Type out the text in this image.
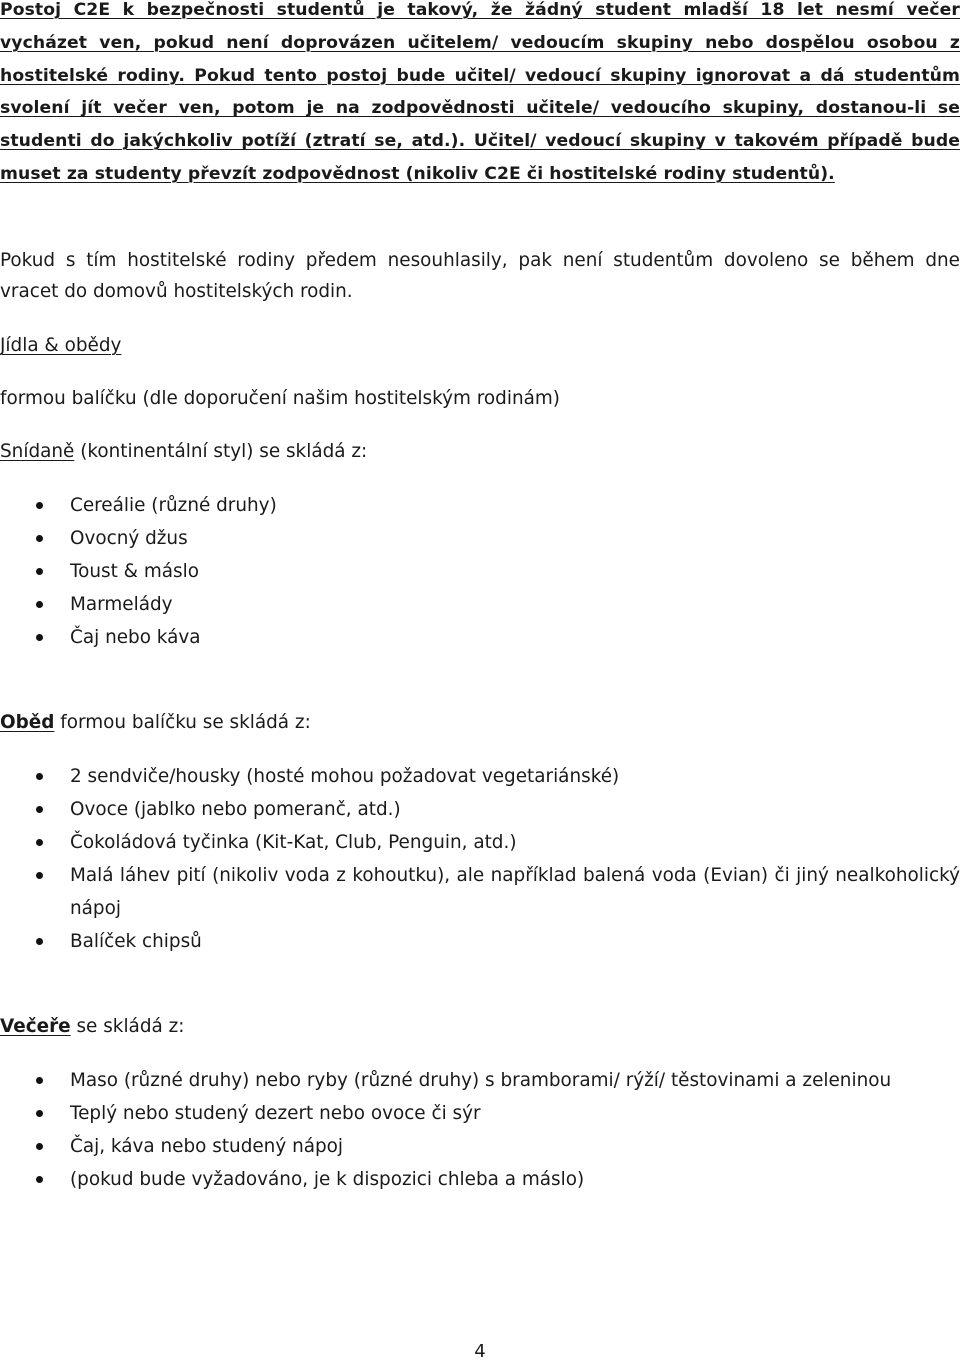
Postoj C2E k bezpečnosti studentů je takový, že žádný student mladší 18 let nesmí večer vycházet ven, pokud není doprovázen učitelem/ vedoucím skupiny nebo dospělou osobou z hostitelské rodiny. Pokud tento postoj bude učitel/ vedoucí skupiny ignorovat a dá studentům svolení jít večer ven, potom je na zodpovědnosti učitele/ vedoucího skupiny, dostanou-li se studenti do jakýchkoliv potíží (ztratí se, atd.). Učitel/ vedoucí skupiny v takovém případě bude muset za studenty převzít zodpovědnost (nikoliv C2E či hostitelské rodiny studentů).

Pokud s tím hostitelské rodiny předem nesouhlasily, pak není studentům dovoleno se během dne vracet do domovů hostitelských rodin.

Jídla & obědy
formou balíčku (dle doporučení našim hostitelským rodinám)
Snídaně (kontinentální styl) se skládá z:
Cereálie (různé druhy)
Ovocný džus
Toust & máslo
Marmelády
Čaj nebo káva
Oběd formou balíčku se skládá z:
2 sendviče/housky (hosté mohou požadovat vegetariánské)
Ovoce (jablko nebo pomeranč, atd.)
Čokoládová tyčinka (Kit-Kat, Club, Penguin, atd.)
Malá láhev pití (nikoliv voda z kohoutku), ale například balená voda (Evian) či jiný nealkoholický nápoj
Balíček chipsů
Večeře se skládá z:
Maso (různé druhy) nebo ryby (různé druhy) s bramborami/ rýží/ těstovinami a zeleninou
Teplý nebo studený dezert nebo ovoce či sýr
Čaj, káva nebo studený nápoj
(pokud bude vyžadováno, je k dispozici chleba a máslo)
4
